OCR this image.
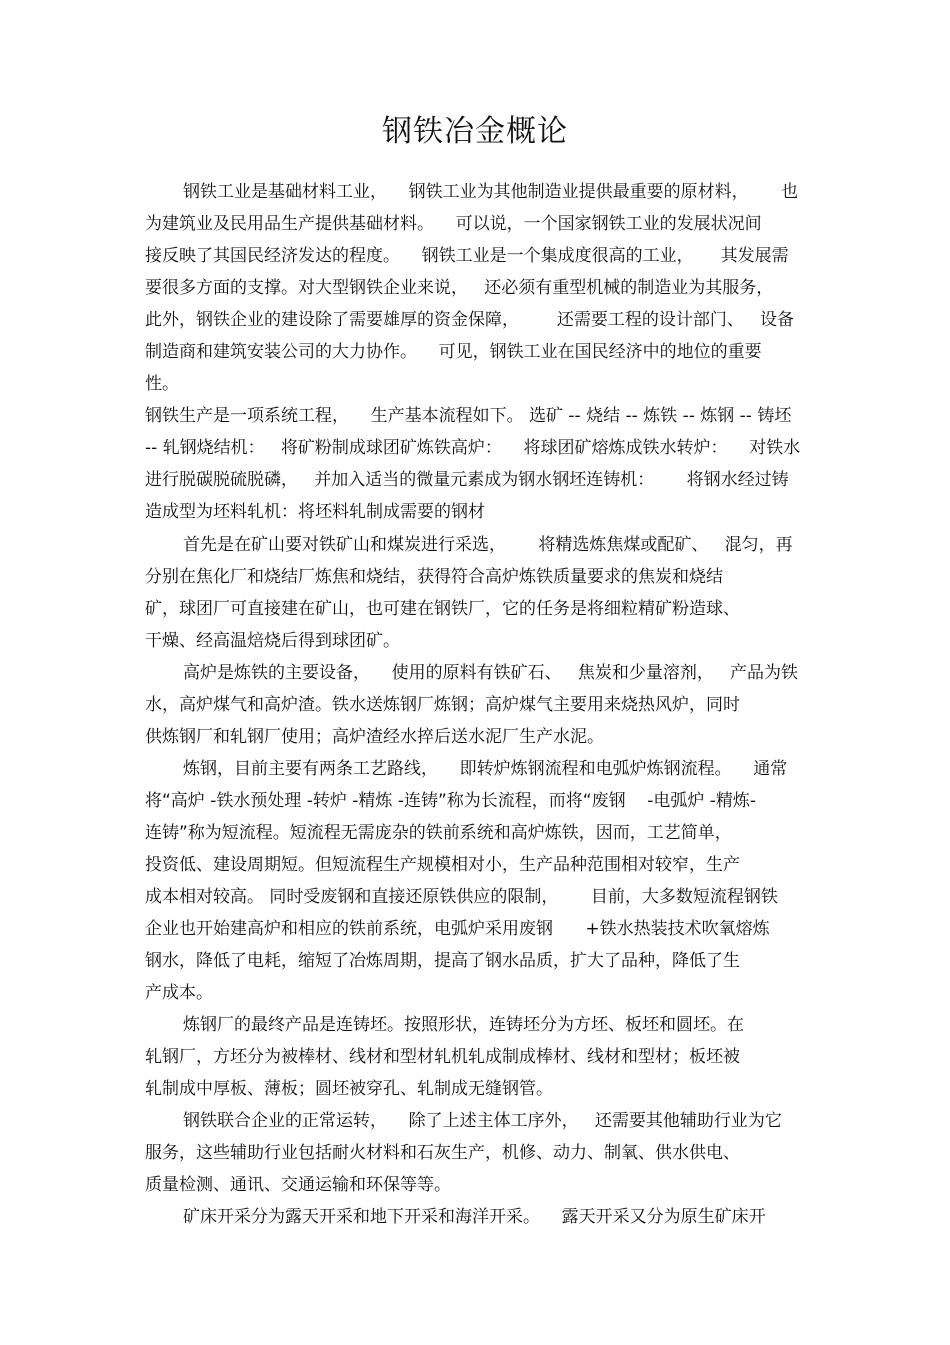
钢铁冶金概论

钢铁工业是基础材料工业，    钢铁工业为其他制造业提供最重要的原材料，      也

为建筑业及民用品生产提供基础材料。    可以说，一个国家钢铁工业的发展状况间

接反映了其国民经济发达的程度。    钢铁工业是一个集成度很高的工业，     其发展需

要很多方面的支撑。对大型钢铁企业来说，   还必须有重型机械的制造业为其服务，

此外，钢铁企业的建设除了需要雄厚的资金保障，       还需要工程的设计部门、   设备

制造商和建筑安装公司的大力协作。    可见，钢铁工业在国民经济中的地位的重要

性。

钢铁生产是一项系统工程，    生产基本流程如下。 选矿 -- 烧结 -- 炼铁 -- 炼钢 -- 铸坯

-- 轧钢烧结机：   将矿粉制成球团矿炼铁高炉：    将球团矿熔炼成铁水转炉：    对铁水

进行脱碳脱硫脱磷，   并加入适当的微量元素成为钢水钢坯连铸机：      将钢水经过铸

造成型为坯料轧机：将坯料轧制成需要的钢材

首先是在矿山要对铁矿山和煤炭进行采选，      将精选炼焦煤或配矿、   混匀，再

分别在焦化厂和烧结厂炼焦和烧结，获得符合高炉炼铁质量要求的焦炭和烧结

矿，球团厂可直接建在矿山，也可建在钢铁厂，它的任务是将细粒精矿粉造球、

干燥、经高温焙烧后得到球团矿。

高炉是炼铁的主要设备，    使用的原料有铁矿石、   焦炭和少量溶剂，   产品为铁

水，高炉煤气和高炉渣。铁水送炼钢厂炼钢；高炉煤气主要用来烧热风炉，同时

供炼钢厂和轧钢厂使用；高炉渣经水捽后送水泥厂生产水泥。

炼钢，目前主要有两条工艺路线，    即转炉炼钢流程和电弧炉炼钢流程。    通常

将“高炉 -铁水预处理 -转炉 -精炼 -连铸”称为长流程，而将“废钢    -电弧炉 -精炼-

连铸”称为短流程。短流程无需庞杂的铁前系统和高炉炼铁，因而，工艺简单，

投资低、建设周期短。但短流程生产规模相对小，生产品种范围相对较窄，生产

成本相对较高。 同时受废钢和直接还原铁供应的限制，      目前，大多数短流程钢铁

企业也开始建高炉和相应的铁前系统，电弧炉采用废钢      +铁水热装技术吹氧熔炼

钢水，降低了电耗，缩短了冶炼周期，提高了钢水品质，扩大了品种，降低了生

产成本。

炼钢厂的最终产品是连铸坯。按照形状，连铸坯分为方坯、板坯和圆坯。在

轧钢厂，方坯分为被棒材、线材和型材轧机轧成制成棒材、线材和型材；板坯被

轧制成中厚板、薄板；圆坯被穿孔、轧制成无缝钢管。

钢铁联合企业的正常运转，    除了上述主体工序外，   还需要其他辅助行业为它

服务，这些辅助行业包括耐火材料和石灰生产，机修、动力、制氧、供水供电、

质量检测、通讯、交通运输和环保等等。

矿床开采分为露天开采和地下开采和海洋开采。    露天开采又分为原生矿床开
